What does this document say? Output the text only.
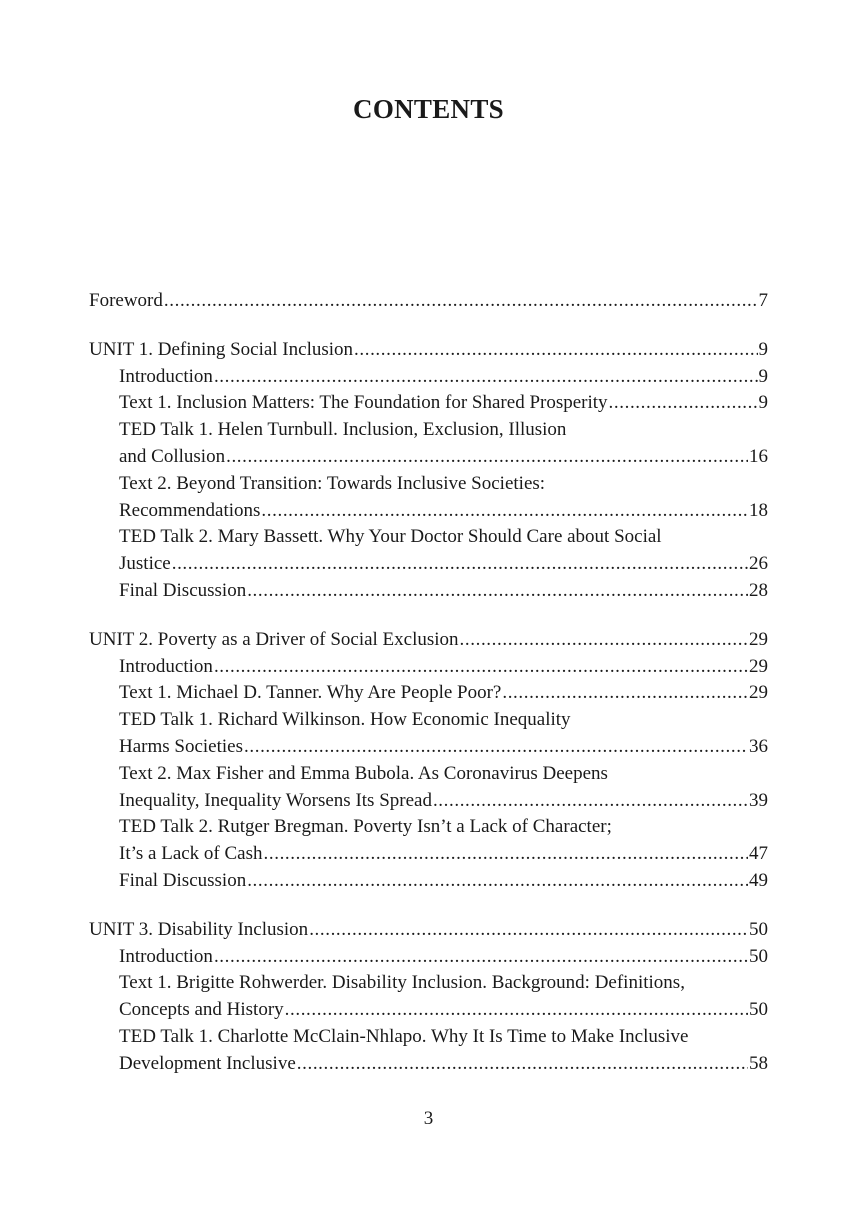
CONTENTS
Foreword .....	7
UNIT 1. Defining Social Inclusion .....	9
Introduction .....	9
Text 1. Inclusion Matters: The Foundation for Shared Prosperity .....	9
TED Talk 1. Helen Turnbull. Inclusion, Exclusion, Illusion
and Collusion .....	16
Text 2. Beyond Transition: Towards Inclusive Societies:
Recommendations .....	18
TED Talk 2. Mary Bassett. Why Your Doctor Should Care about Social
Justice .....	26
Final Discussion .....	28
UNIT 2. Poverty as a Driver of Social Exclusion .....	29
Introduction .....	29
Text 1. Michael D. Tanner. Why Are People Poor? .....	29
TED Talk 1. Richard Wilkinson. How Economic Inequality
Harms Societies .....	36
Text 2. Max Fisher and Emma Bubola. As Coronavirus Deepens
Inequality, Inequality Worsens Its Spread .....	39
TED Talk 2. Rutger Bregman. Poverty Isn’t a Lack of Character;
It’s a Lack of Cash .....	47
Final Discussion .....	49
UNIT 3. Disability Inclusion .....	50
Introduction .....	50
Text 1. Brigitte Rohwerder. Disability Inclusion. Background: Definitions,
Concepts and History .....	50
TED Talk 1. Charlotte McClain-Nhlapo. Why It Is Time to Make Inclusive
Development Inclusive .....	58
3
